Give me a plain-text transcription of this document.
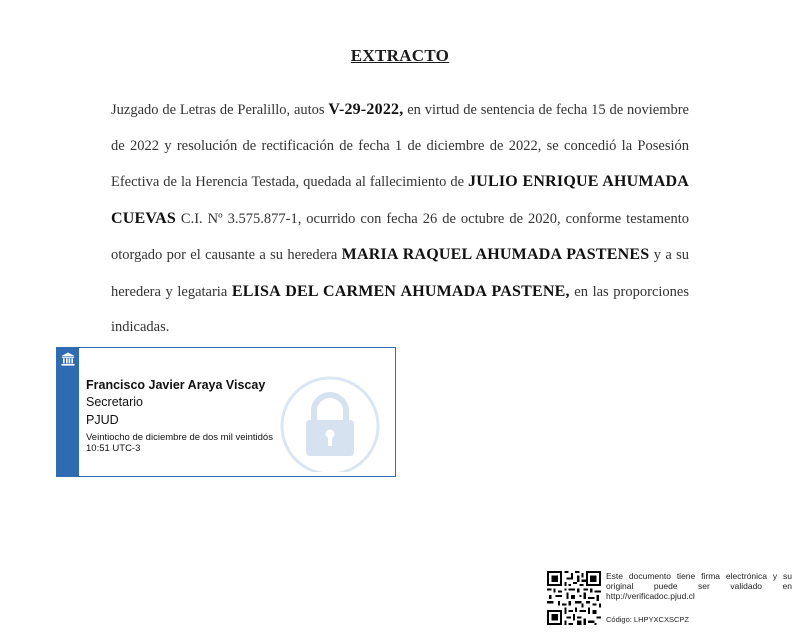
EXTRACTO
Juzgado de Letras de Peralillo, autos V-29-2022, en virtud de sentencia de fecha 15 de noviembre de 2022 y resolución de rectificación de fecha 1 de diciembre de 2022, se concedió la Posesión Efectiva de la Herencia Testada, quedada al fallecimiento de JULIO ENRIQUE AHUMADA CUEVAS C.I. Nº 3.575.877-1, ocurrido con fecha 26 de octubre de 2020, conforme testamento otorgado por el causante a su heredera MARIA RAQUEL AHUMADA PASTENES y a su heredera y legataria ELISA DEL CARMEN AHUMADA PASTENE, en las proporciones indicadas.
Francisco Javier Araya Viscay
Secretario
PJUD
Veintiocho de diciembre de dos mil veintidós
10:51 UTC-3
Este documento tiene firma electrónica y su original puede ser validado en http://verificadoc.pjud.cl
Código: LHPYXCXSCPZ
